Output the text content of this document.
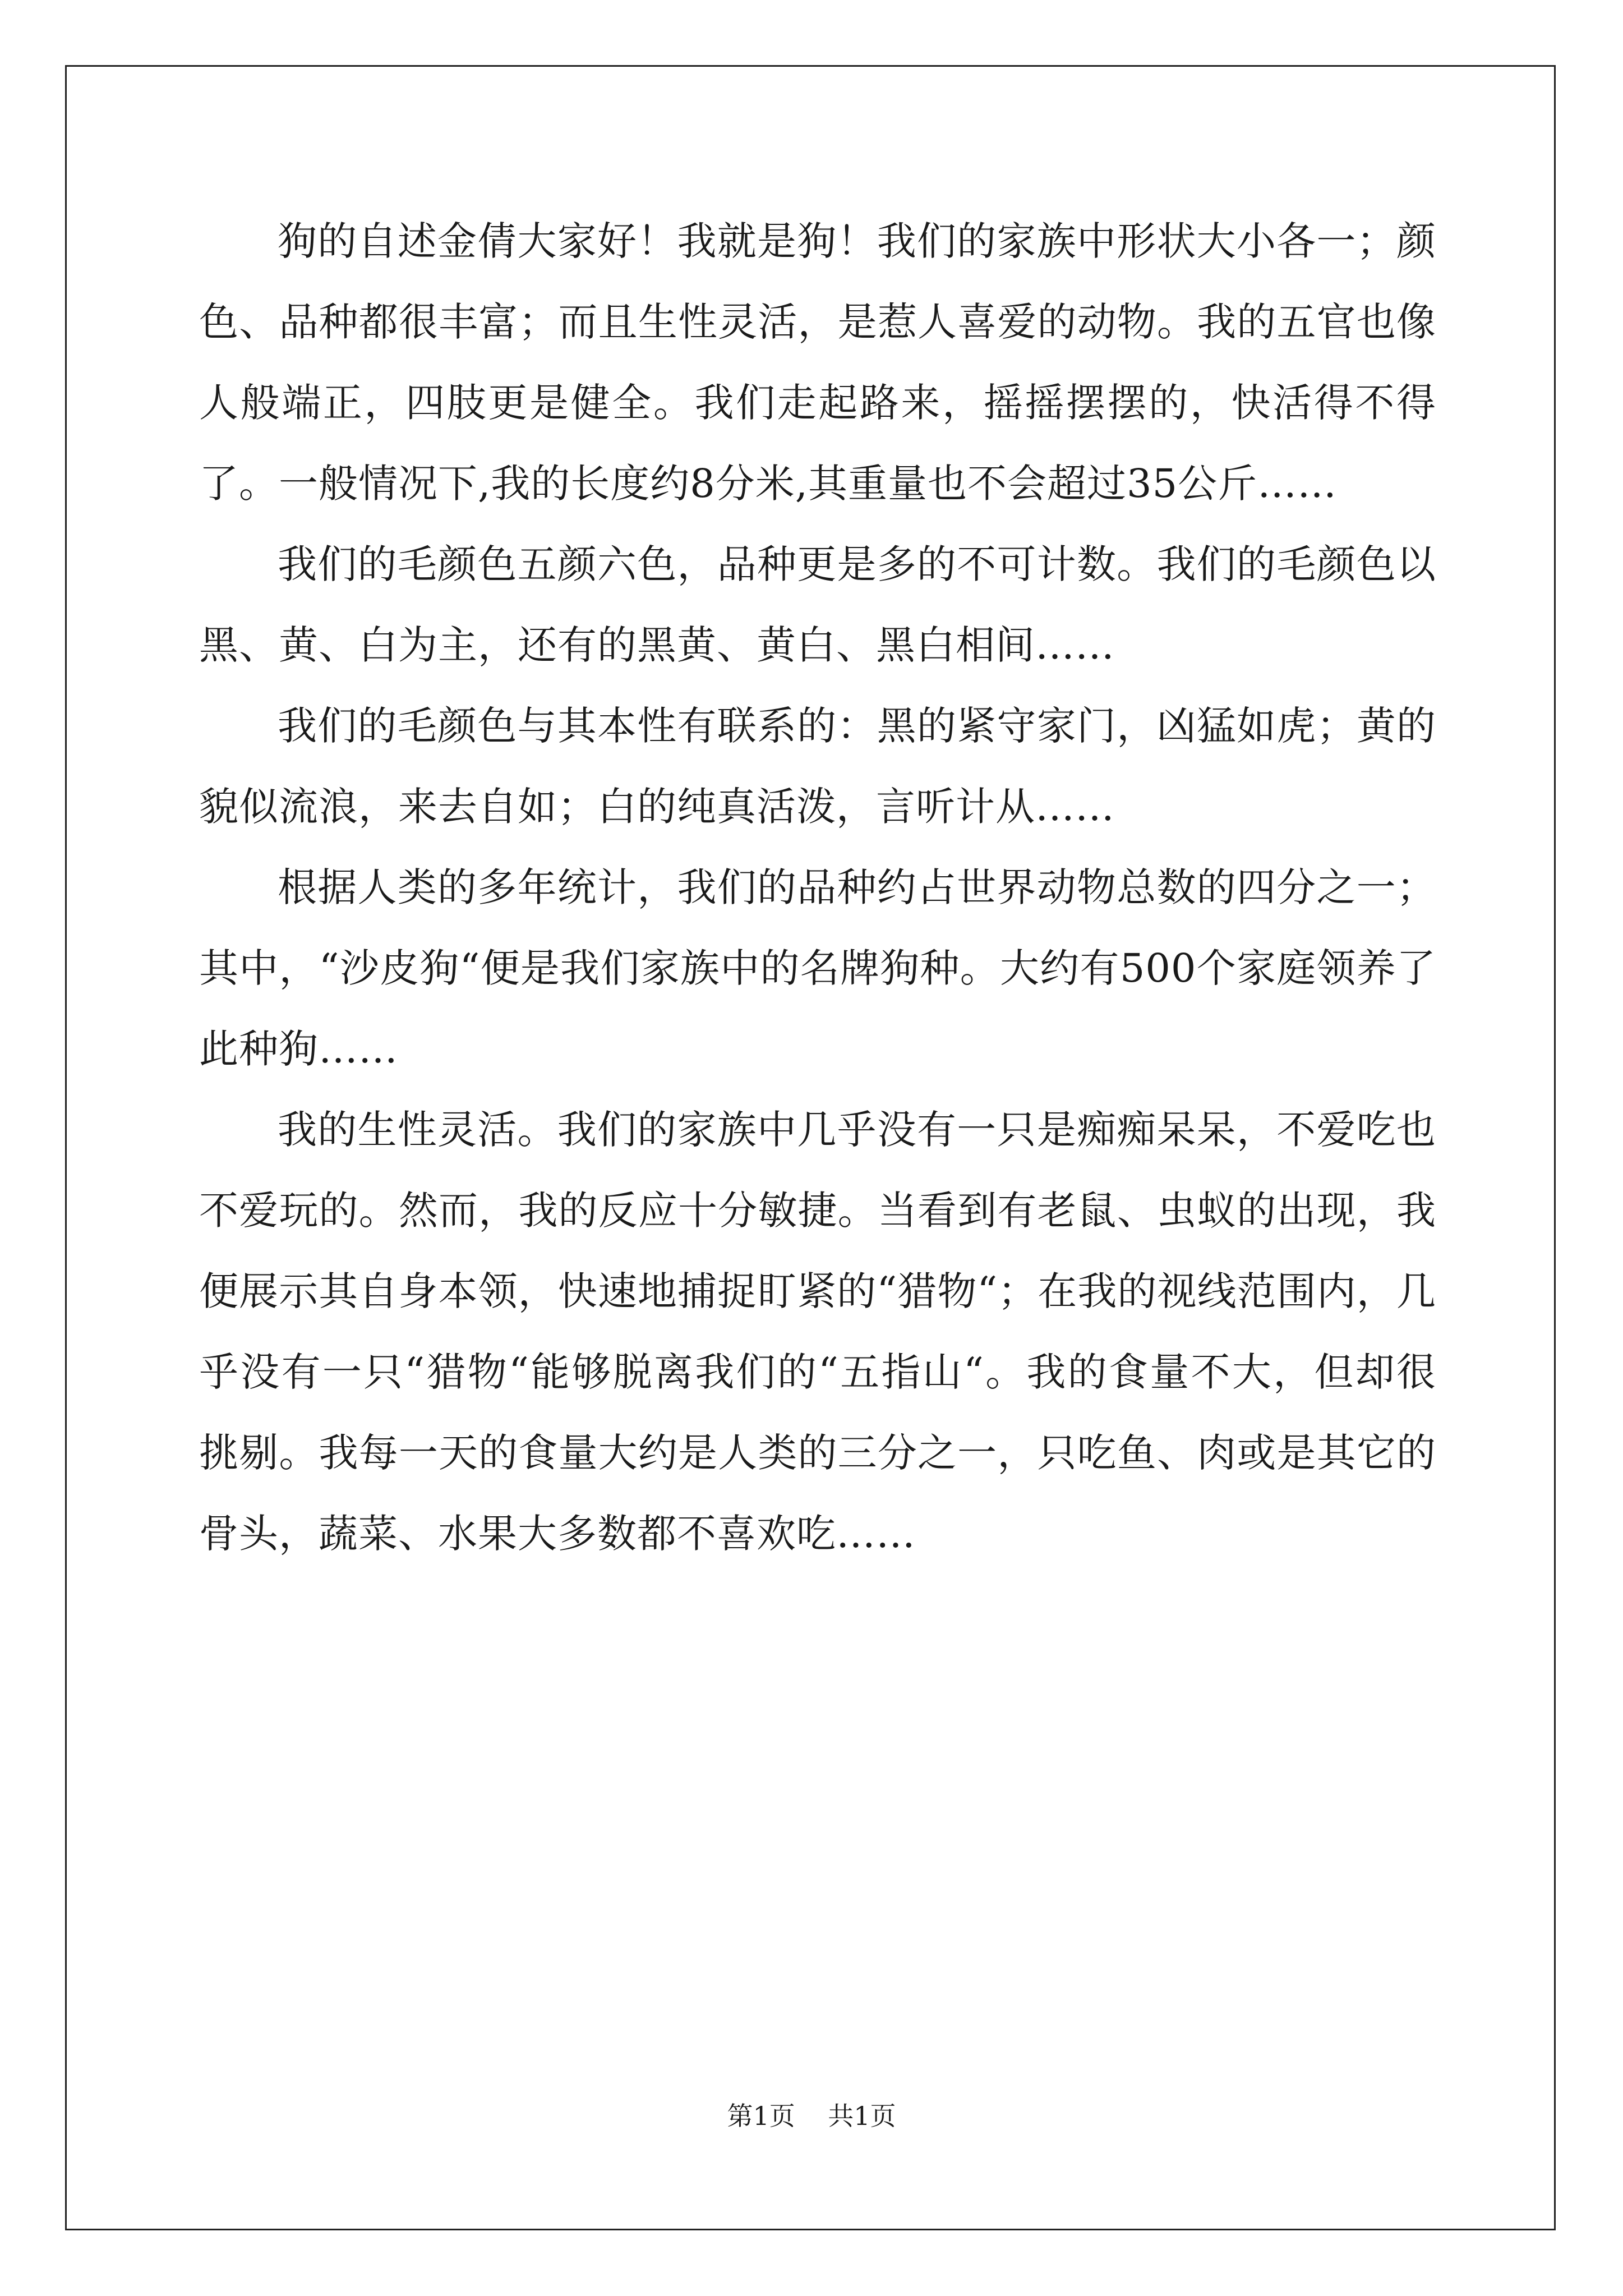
狗的自述金倩大家好！我就是狗！我们的家族中形状大小各一；颜色、品种都很丰富；而且生性灵活，是惹人喜爱的动物。我的五官也像人般端正，四肢更是健全。我们走起路来，摇摇摆摆的，快活得不得了。一般情况下,我的长度约8分米,其重量也不会超过35公斤……

我们的毛颜色五颜六色，品种更是多的不可计数。我们的毛颜色以黑、黄、白为主，还有的黑黄、黄白、黑白相间……

我们的毛颜色与其本性有联系的：黑的紧守家门，凶猛如虎；黄的貌似流浪，来去自如；白的纯真活泼，言听计从……

根据人类的多年统计，我们的品种约占世界动物总数的四分之一；其中，“沙皮狗“便是我们家族中的名牌狗种。大约有500个家庭领养了此种狗……

我的生性灵活。我们的家族中几乎没有一只是痴痴呆呆，不爱吃也不爱玩的。然而，我的反应十分敏捷。当看到有老鼠、虫蚁的出现，我便展示其自身本领，快速地捕捉盯紧的“猎物“；在我的视线范围内，几乎没有一只“猎物“能够脱离我们的“五指山“。我的食量不大，但却很挑剔。我每一天的食量大约是人类的三分之一，只吃鱼、肉或是其它的骨头，蔬菜、水果大多数都不喜欢吃……

第1页 共1页
